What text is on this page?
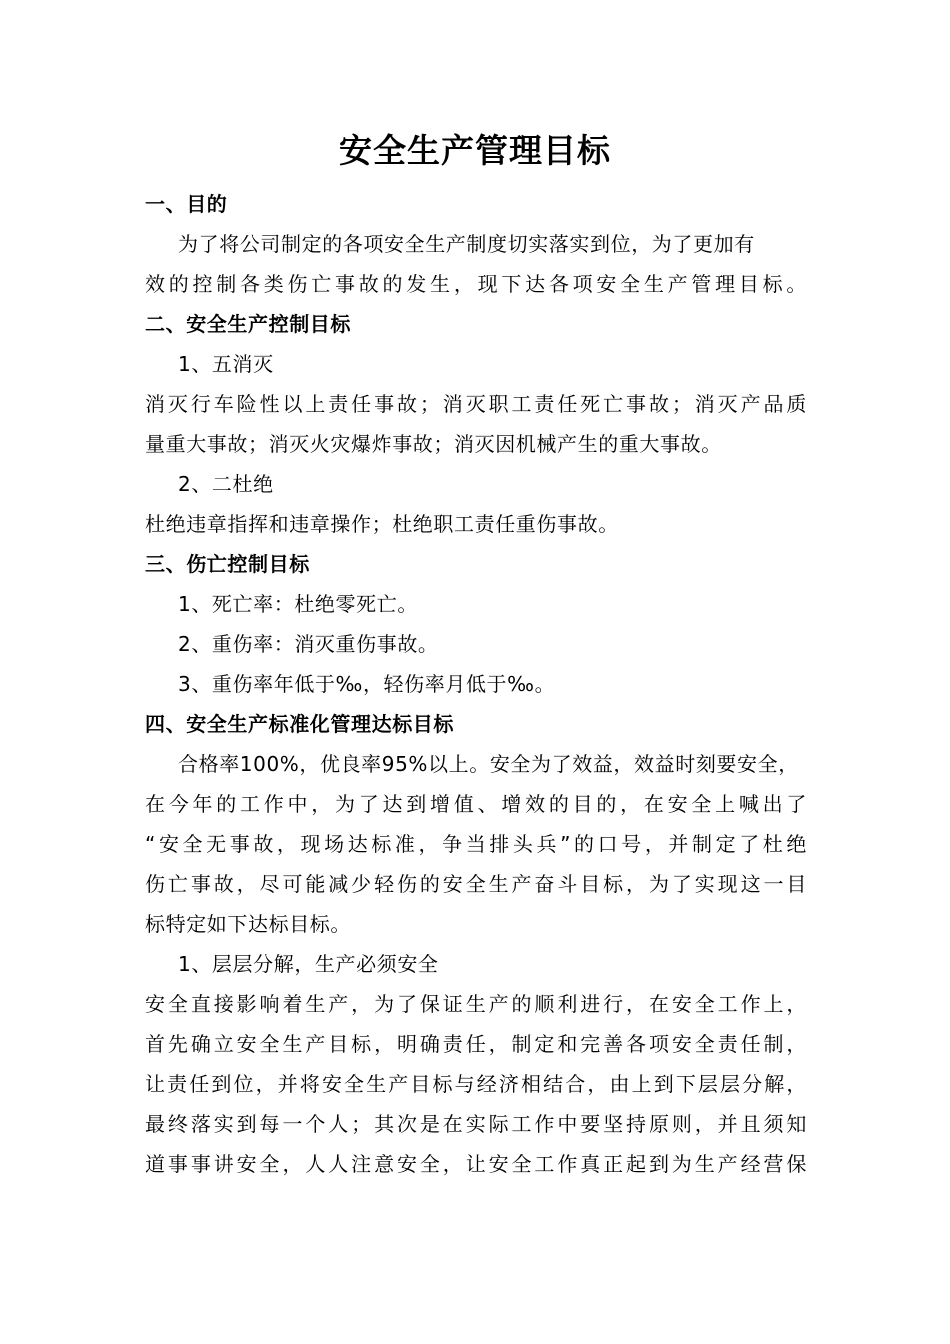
安全生产管理目标
一、目的
为了将公司制定的各项安全生产制度切实落实到位，为了更加有
效的控制各类伤亡事故的发生，现下达各项安全生产管理目标。
二、安全生产控制目标
1、五消灭
消灭行车险性以上责任事故；消灭职工责任死亡事故；消灭产品质
量重大事故；消灭火灾爆炸事故；消灭因机械产生的重大事故。
2、二杜绝
杜绝违章指挥和违章操作；杜绝职工责任重伤事故。
三、伤亡控制目标
1、死亡率：杜绝零死亡。
2、重伤率：消灭重伤事故。
3、重伤率年低于‰，轻伤率月低于‰。
四、安全生产标准化管理达标目标
合格率100%，优良率95%以上。安全为了效益，效益时刻要安全，
在今年的工作中，为了达到增值、增效的目的，在安全上喊出了
“安全无事故，现场达标准，争当排头兵”的口号，并制定了杜绝
伤亡事故，尽可能减少轻伤的安全生产奋斗目标，为了实现这一目
标特定如下达标目标。
1、层层分解，生产必须安全
安全直接影响着生产，为了保证生产的顺利进行，在安全工作上，
首先确立安全生产目标，明确责任，制定和完善各项安全责任制，
让责任到位，并将安全生产目标与经济相结合，由上到下层层分解，
最终落实到每一个人；其次是在实际工作中要坚持原则，并且须知
道事事讲安全，人人注意安全，让安全工作真正起到为生产经营保
